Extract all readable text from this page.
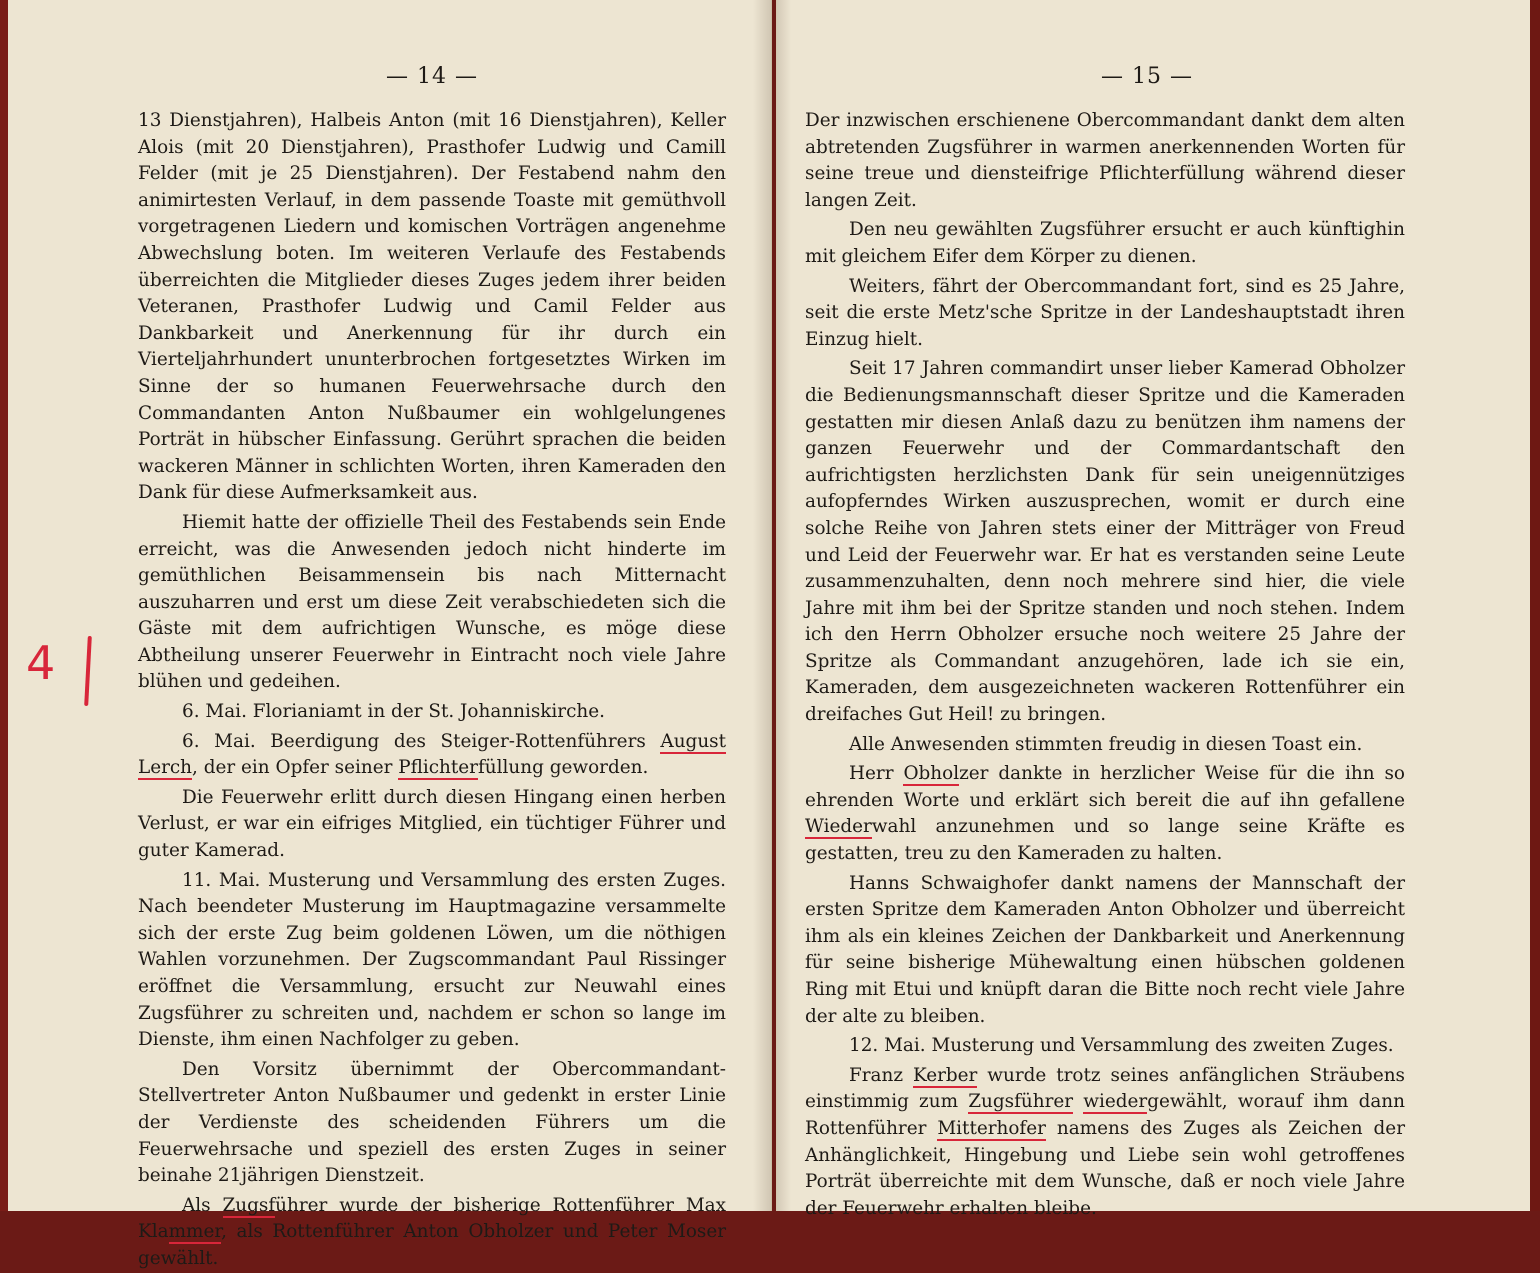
— 14 —

13 Dienstjahren), Halbeis Anton (mit 16 Dienstjahren), Keller Alois (mit 20 Dienstjahren), Prasthofer Ludwig und Camill Felder (mit je 25 Dienstjahren). Der Festabend nahm den animirtesten Verlauf, in dem passende Toaste mit gemüthvoll vorgetragenen Liedern und komischen Vorträgen angenehme Abwechslung boten. Im weiteren Verlaufe des Festabends überreichten die Mitglieder dieses Zuges jedem ihrer beiden Veteranen, Prasthofer Ludwig und Camil Felder aus Dankbarkeit und Anerkennung für ihr durch ein Vierteljahrhundert ununterbrochen fortgesetztes Wirken im Sinne der so humanen Feuerwehrsache durch den Commandanten Anton Nußbaumer ein wohlgelungenes Porträt in hübscher Einfassung. Gerührt sprachen die beiden wackeren Männer in schlichten Worten, ihren Kameraden den Dank für diese Aufmerksamkeit aus.

Hiemit hatte der offizielle Theil des Festabends sein Ende erreicht, was die Anwesenden jedoch nicht hinderte im gemüthlichen Beisammensein bis nach Mitternacht auszuharren und erst um diese Zeit verabschiedeten sich die Gäste mit dem aufrichtigen Wunsche, es möge diese Abtheilung unserer Feuerwehr in Eintracht noch viele Jahre blühen und gedeihen.

6. Mai. Florianiamt in der St. Johanniskirche.

6. Mai. Beerdigung des Steiger-Rottenführers August Lerch, der ein Opfer seiner Pflichterfüllung geworden.

Die Feuerwehr erlitt durch diesen Hingang einen herben Verlust, er war ein eifriges Mitglied, ein tüchtiger Führer und guter Kamerad.

11. Mai. Musterung und Versammlung des ersten Zuges. Nach beendeter Musterung im Hauptmagazine versammelte sich der erste Zug beim goldenen Löwen, um die nöthigen Wahlen vorzunehmen. Der Zugscommandant Paul Rissinger eröffnet die Versammlung, ersucht zur Neuwahl eines Zugsführer zu schreiten und, nachdem er schon so lange im Dienste, ihm einen Nachfolger zu geben.

Den Vorsitz übernimmt der Obercommandant-Stellvertreter Anton Nußbaumer und gedenkt in erster Linie der Verdienste des scheidenden Führers um die Feuerwehrsache und speziell des ersten Zuges in seiner beinahe 21jährigen Dienstzeit.

Als Zugsführer wurde der bisherige Rottenführer Max Klammer, als Rottenführer Anton Obholzer und Peter Moser gewählt.

4
— 15 —

Der inzwischen erschienene Obercommandant dankt dem alten abtretenden Zugsführer in warmen anerkennenden Worten für seine treue und diensteifrige Pflichterfüllung während dieser langen Zeit.

Den neu gewählten Zugsführer ersucht er auch künftighin mit gleichem Eifer dem Körper zu dienen.

Weiters, fährt der Obercommandant fort, sind es 25 Jahre, seit die erste Metz'sche Spritze in der Landeshauptstadt ihren Einzug hielt.

Seit 17 Jahren commandirt unser lieber Kamerad Obholzer die Bedienungsmannschaft dieser Spritze und die Kameraden gestatten mir diesen Anlaß dazu zu benützen ihm namens der ganzen Feuerwehr und der Commardantschaft den aufrichtigsten herzlichsten Dank für sein uneigennütziges aufopferndes Wirken auszusprechen, womit er durch eine solche Reihe von Jahren stets einer der Mitträger von Freud und Leid der Feuerwehr war. Er hat es verstanden seine Leute zusammenzuhalten, denn noch mehrere sind hier, die viele Jahre mit ihm bei der Spritze standen und noch stehen. Indem ich den Herrn Obholzer ersuche noch weitere 25 Jahre der Spritze als Commandant anzugehören, lade ich sie ein, Kameraden, dem ausgezeichneten wackeren Rottenführer ein dreifaches Gut Heil! zu bringen.

Alle Anwesenden stimmten freudig in diesen Toast ein.

Herr Obholzer dankte in herzlicher Weise für die ihn so ehrenden Worte und erklärt sich bereit die auf ihn gefallene Wiederwahl anzunehmen und so lange seine Kräfte es gestatten, treu zu den Kameraden zu halten.

Hanns Schwaighofer dankt namens der Mannschaft der ersten Spritze dem Kameraden Anton Obholzer und überreicht ihm als ein kleines Zeichen der Dankbarkeit und Anerkennung für seine bisherige Mühewaltung einen hübschen goldenen Ring mit Etui und knüpft daran die Bitte noch recht viele Jahre der alte zu bleiben.

12. Mai. Musterung und Versammlung des zweiten Zuges.

Franz Kerber wurde trotz seines anfänglichen Sträubens einstimmig zum Zugsführer wiedergewählt, worauf ihm dann Rottenführer Mitterhofer namens des Zuges als Zeichen der Anhänglichkeit, Hingebung und Liebe sein wohl getroffenes Porträt überreichte mit dem Wunsche, daß er noch viele Jahre der Feuerwehr erhalten bleibe.
